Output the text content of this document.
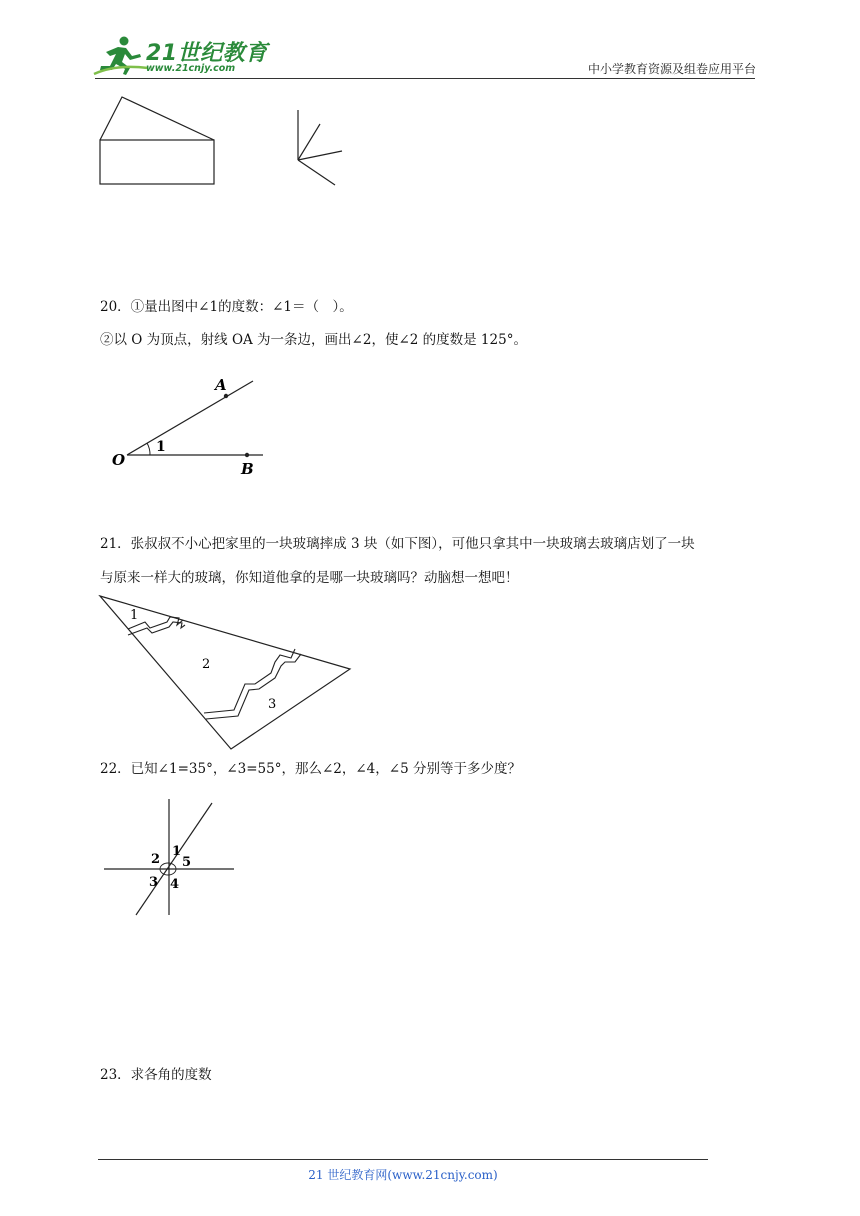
21世纪教育
www.21cnjy.com	中小学教育资源及组卷应用平台
20．①量出图中∠1的度数：∠1＝（　）。
②以 O 为顶点，射线 OA 为一条边，画出∠2，使∠2 的度数是 125°。
A
O	B
1
21．张叔叔不小心把家里的一块玻璃摔成 3 块（如下图），可他只拿其中一块玻璃去玻璃店划了一块
与原来一样大的玻璃，你知道他拿的是哪一块玻璃吗？动脑想一想吧！
1
2
3
22．已知∠1=35°，∠3=55°，那么∠2，∠4，∠5 分别等于多少度？
1
2
3 4
5
23．求各角的度数
21 世纪教育网(www.21cnjy.com)
